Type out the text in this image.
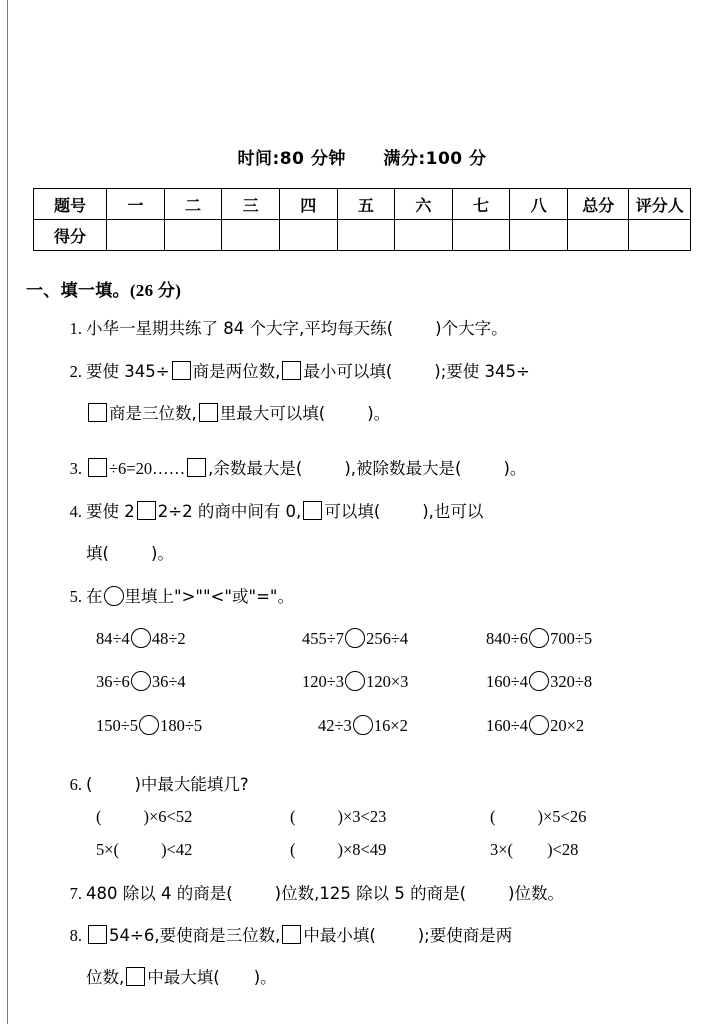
时间:80 分钟 满分:100 分
题号	一	二	三	四	五	六	七	八	总分	评分人
得分										
一、填一填。(26 分)
1. 小华一星期共练了 84 个大字,平均每天练(	)个大字。
2. 要使 345÷ 商是两位数, 最小可以填(	);要使 345÷
商是三位数, 里最大可以填(	)。
3. ÷6=20…… ,余数最大是(	),被除数最大是(	)。
4. 要使 2 2÷2 的商中间有 0, 可以填(	),也可以
填(	)。
5. 在 里填上">""<"或"="。
84÷4 48÷2	455÷7 256÷4	840÷6 700÷5
36÷6 36÷4	120÷3 120×3	160÷4 320÷8
150÷5 180÷5	42÷3 16×2	160÷4 20×2
6. (	)中最大能填几?
(	)×6<52	(	)×3<23	(	)×5<26
5×(	)<42	(	)×8<49	3×( )<28
7. 480 除以 4 的商是(	)位数,125 除以 5 的商是(	)位数。
8. 54÷6,要使商是三位数, 中最小填(	);要使商是两
位数, 中最大填( )。
